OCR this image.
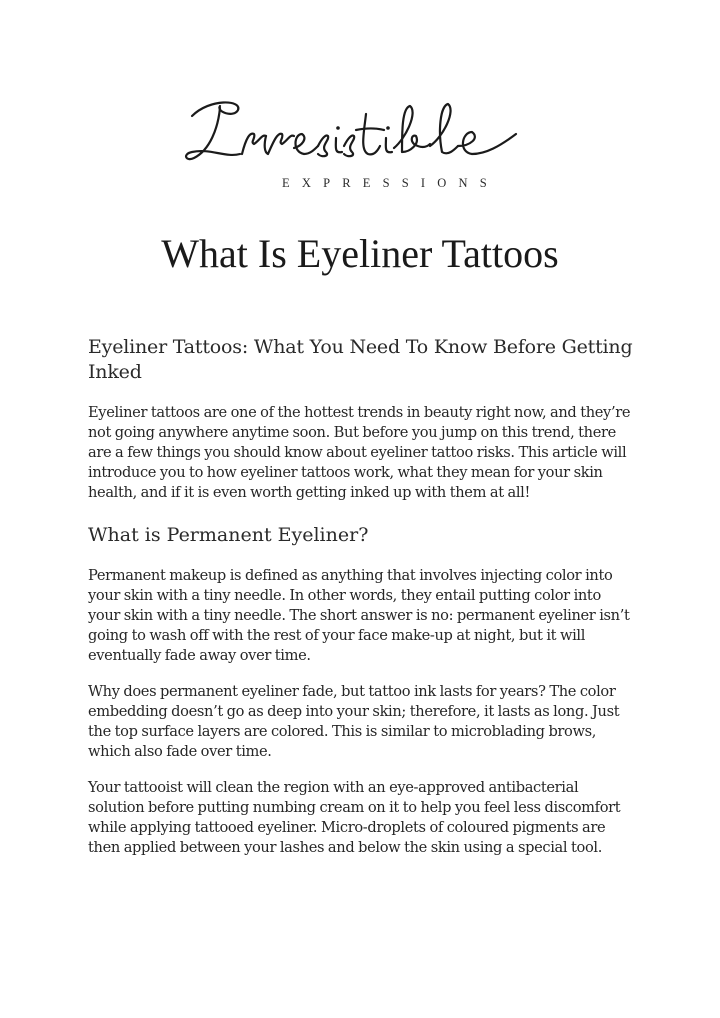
EXPRESSIONS
What Is Eyeliner Tattoos
Eyeliner Tattoos: What You Need To Know Before Getting Inked

Eyeliner tattoos are one of the hottest trends in beauty right now, and they’re not going anywhere anytime soon. But before you jump on this trend, there are a few things you should know about eyeliner tattoo risks. This article will introduce you to how eyeliner tattoos work, what they mean for your skin health, and if it is even worth getting inked up with them at all!

What is Permanent Eyeliner?

Permanent makeup is defined as anything that involves injecting color into your skin with a tiny needle. In other words, they entail putting color into your skin with a tiny needle. The short answer is no: permanent eyeliner isn’t going to wash off with the rest of your face make-up at night, but it will eventually fade away over time.

Why does permanent eyeliner fade, but tattoo ink lasts for years? The color embedding doesn’t go as deep into your skin; therefore, it lasts as long. Just the top surface layers are colored. This is similar to microblading brows, which also fade over time.

Your tattooist will clean the region with an eye-approved antibacterial solution before putting numbing cream on it to help you feel less discomfort while applying tattooed eyeliner. Micro-droplets of coloured pigments are then applied between your lashes and below the skin using a special tool.
